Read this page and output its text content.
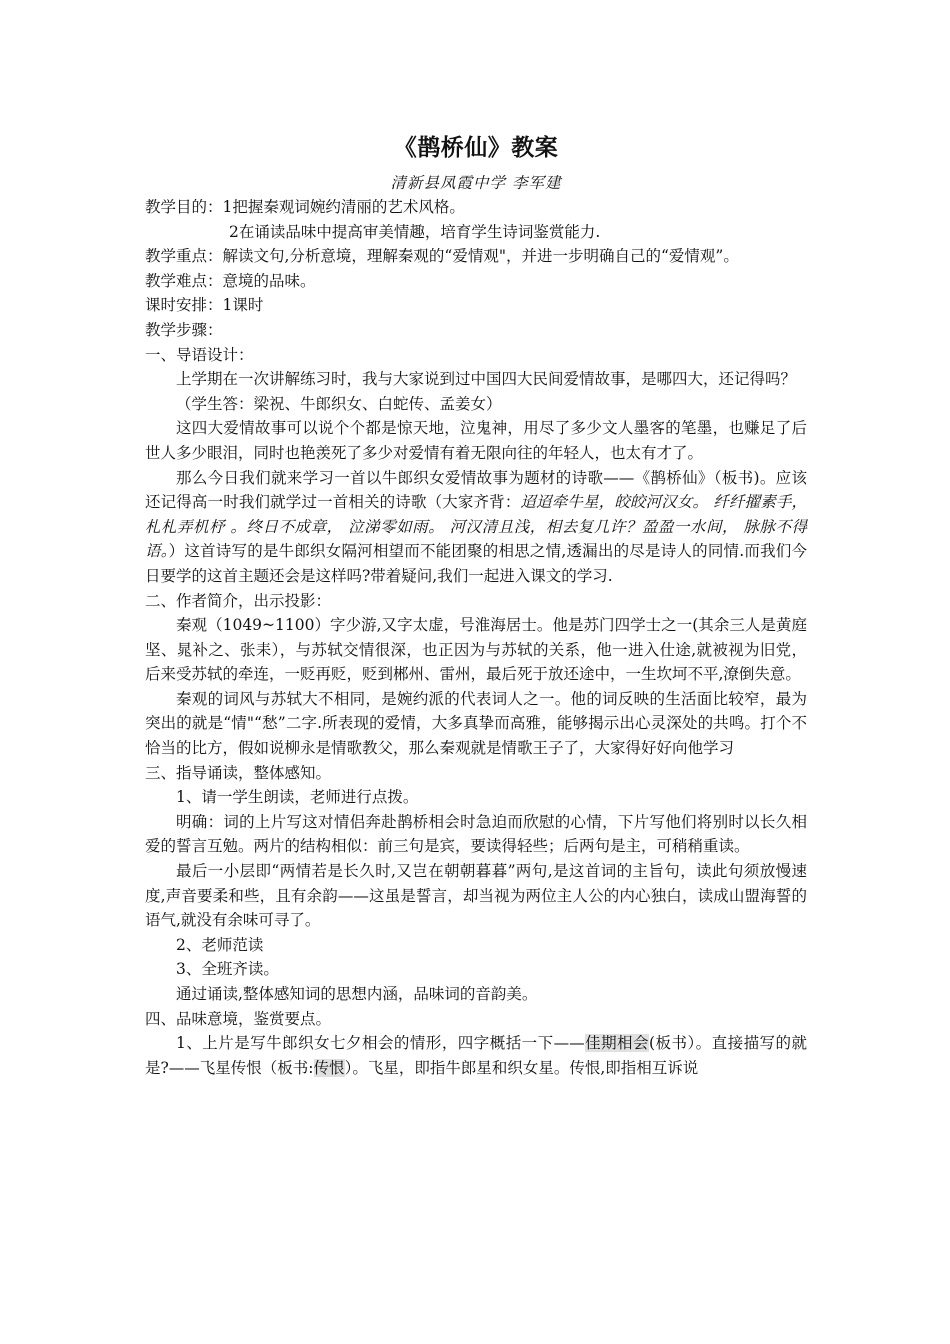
《鹊桥仙》教案
清新县凤霞中学 李军建

教学目的：1把握秦观词婉约清丽的艺术风格。

2在诵读品味中提高审美情趣，培育学生诗词鉴赏能力.

教学重点：解读文句,分析意境，理解秦观的“爱情观"，并进一步明确自己的“爱情观”。

教学难点：意境的品味。

课时安排：1课时

教学步骤：

一、导语设计：

上学期在一次讲解练习时，我与大家说到过中国四大民间爱情故事，是哪四大，还记得吗？

（学生答：梁祝、牛郎织女、白蛇传、孟姜女）

这四大爱情故事可以说个个都是惊天地，泣鬼神，用尽了多少文人墨客的笔墨，也赚足了后世人多少眼泪，同时也艳羡死了多少对爱情有着无限向往的年轻人，也太有才了。

那么今日我们就来学习一首以牛郎织女爱情故事为题材的诗歌——《鹊桥仙》（板书)。应该还记得高一时我们就学过一首相关的诗歌（大家齐背：迢迢牵牛星，皎皎河汉女。 纤纤擢素手， 札札弄机杼 。终日不成章， 泣涕零如雨。 河汉清且浅，相去复几许？盈盈一水间， 脉脉不得语。）这首诗写的是牛郎织女隔河相望而不能团聚的相思之情,透漏出的尽是诗人的同情.而我们今日要学的这首主题还会是这样吗?带着疑问,我们一起进入课文的学习.

二、作者简介，出示投影：

秦观（1049~1100）字少游,又字太虚，号淮海居士。他是苏门四学士之一(其余三人是黄庭坚、晁补之、张耒），与苏轼交情很深，也正因为与苏轼的关系，他一进入仕途,就被视为旧党，后来受苏轼的牵连，一贬再贬，贬到郴州、雷州，最后死于放还途中，一生坎坷不平,潦倒失意。

秦观的词风与苏轼大不相同，是婉约派的代表词人之一。他的词反映的生活面比较窄，最为突出的就是“情"“愁”二字.所表现的爱情，大多真挚而高雅，能够揭示出心灵深处的共鸣。打个不恰当的比方，假如说柳永是情歌教父，那么秦观就是情歌王子了，大家得好好向他学习

三、指导诵读，整体感知。

1、请一学生朗读，老师进行点拨。

明确：词的上片写这对情侣奔赴鹊桥相会时急迫而欣慰的心情，下片写他们将别时以长久相爱的誓言互勉。两片的结构相似：前三句是宾，要读得轻些；后两句是主，可稍稍重读。

最后一小层即“两情若是长久时,又岂在朝朝暮暮”两句,是这首词的主旨句，读此句须放慢速度,声音要柔和些，且有余韵——这虽是誓言，却当视为两位主人公的内心独白，读成山盟海誓的语气,就没有余味可寻了。

2、老师范读

3、全班齐读。

通过诵读,整体感知词的思想内涵，品味词的音韵美。

四、品味意境，鉴赏要点。

1、上片是写牛郎织女七夕相会的情形，四字概括一下——佳期相会(板书）。直接描写的就是?——飞星传恨（板书:传恨）。飞星，即指牛郎星和织女星。传恨,即指相互诉说
